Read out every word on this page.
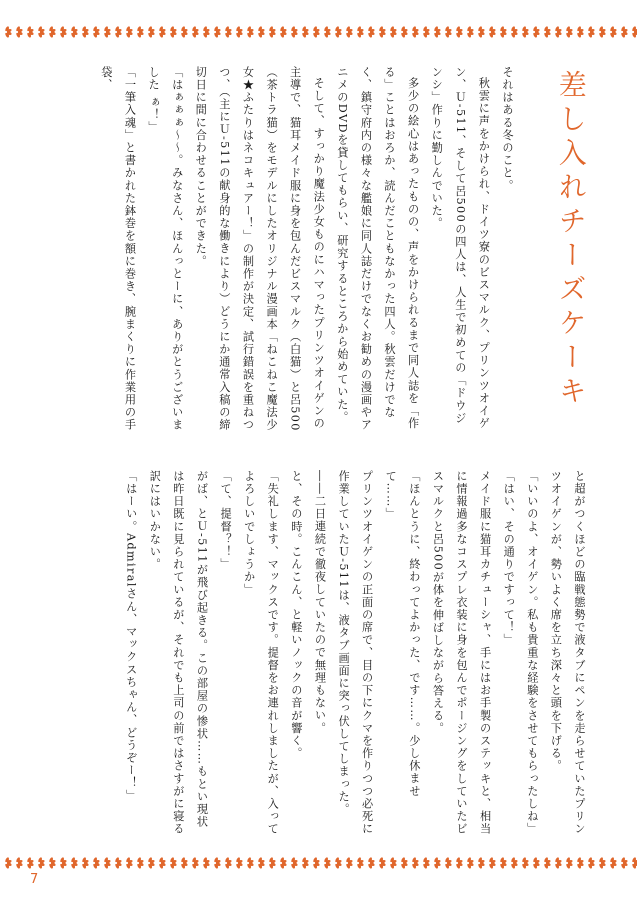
差し入れチーズケーキ

それはある冬のこと。

秋雲に声をかけられ、ドイツ寮のビスマルク、プリンツオイゲン、Ｕ-511、そして呂500の四人は、人生で初めての「ドウジンシ」作りに勤しんでいた。

多少の絵心はあったものの、声をかけられるまで同人誌を「作る」ことはおろか、読んだこともなかった四人。秋雲だけでなく、鎮守府内の様々な艦娘に同人誌だけでなくお勧めの漫画やアニメのDVDを貸してもらい、研究するところから始めていた。

そして、すっかり魔法少女ものにハマったプリンツオイゲンの主導で、猫耳メイド服に身を包んだビスマルク（白猫）と呂500（茶トラ猫）をモデルにしたオリジナル漫画本「ねこねこ魔法少女★ふたりはネコキュアー！」の制作が決定、試行錯誤を重ねつつ、（主にＵ-511の献身的な働きにより）どうにか通常入稿の締切日に間に合わせることができた。

「はぁぁぁ～～。みなさん、ほんっとーに、ありがとうございました ぁ！」

「一筆入魂」と書かれた鉢巻を額に巻き、腕まくりに作業用の手袋、

と超がつくほどの臨戦態勢で液タブにペンを走らせていたプリンツオイゲンが、勢いよく席を立ち深々と頭を下げる。

「いいのよ、オイゲン。私も貴重な経験をさせてもらったしね」

「はい、その通りですって！」

メイド服に猫耳カチューシャ、手にはお手製のステッキと、相当に情報過多なコスプレ衣装に身を包んでポージングをしていたビスマルクと呂500が体を伸ばしながら答える。

「ほんとうに、終わってよかった、です……。少し休ませて……」

プリンツオイゲンの正面の席で、目の下にクマを作りつつ必死に作業していたＵ-511は、液タブ画面に突っ伏してしまった。

――二日連続で徹夜していたので無理もない。

と、その時。こんこん、と軽いノックの音が響く。

「失礼します、マックスです。提督をお連れしましたが、入ってよろしいでしょうか」

「て、提督？！」

がば、とＵ-511が飛び起きる。この部屋の惨状……もとい現状は昨日既に見られているが、それでも上司の前ではさすがに寝る訳にはいかない。

「はーい。Admiralさん、マックスちゃん、どうぞー！」

7
